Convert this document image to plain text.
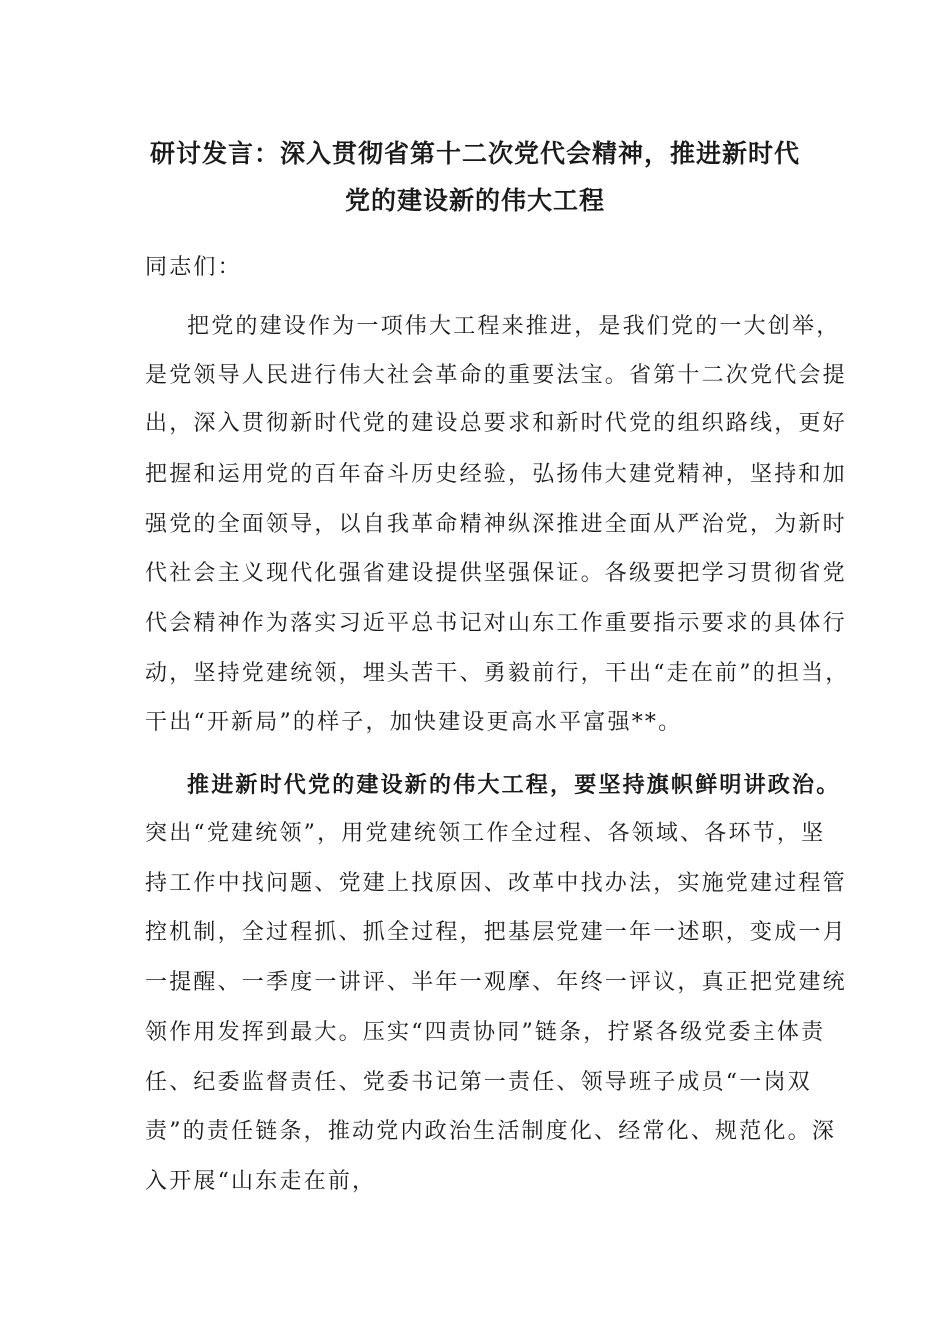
研讨发言：深入贯彻省第十二次党代会精神，推进新时代
党的建设新的伟大工程
同志们：
把党的建设作为一项伟大工程来推进，是我们党的一大创举，
是党领导人民进行伟大社会革命的重要法宝。省第十二次党代会提
出，深入贯彻新时代党的建设总要求和新时代党的组织路线，更好
把握和运用党的百年奋斗历史经验，弘扬伟大建党精神，坚持和加
强党的全面领导，以自我革命精神纵深推进全面从严治党，为新时
代社会主义现代化强省建设提供坚强保证。各级要把学习贯彻省党
代会精神作为落实习近平总书记对山东工作重要指示要求的具体行
动，坚持党建统领，埋头苦干、勇毅前行，干出“走在前”的担当，
干出“开新局”的样子，加快建设更高水平富强**。
推进新时代党的建设新的伟大工程，要坚持旗帜鲜明讲政治。
突出“党建统领”，用党建统领工作全过程、各领域、各环节，坚
持工作中找问题、党建上找原因、改革中找办法，实施党建过程管
控机制，全过程抓、抓全过程，把基层党建一年一述职，变成一月
一提醒、一季度一讲评、半年一观摩、年终一评议，真正把党建统
领作用发挥到最大。压实“四责协同”链条，拧紧各级党委主体责
任、纪委监督责任、党委书记第一责任、领导班子成员“一岗双
责”的责任链条，推动党内政治生活制度化、经常化、规范化。深
入开展“山东走在前，
